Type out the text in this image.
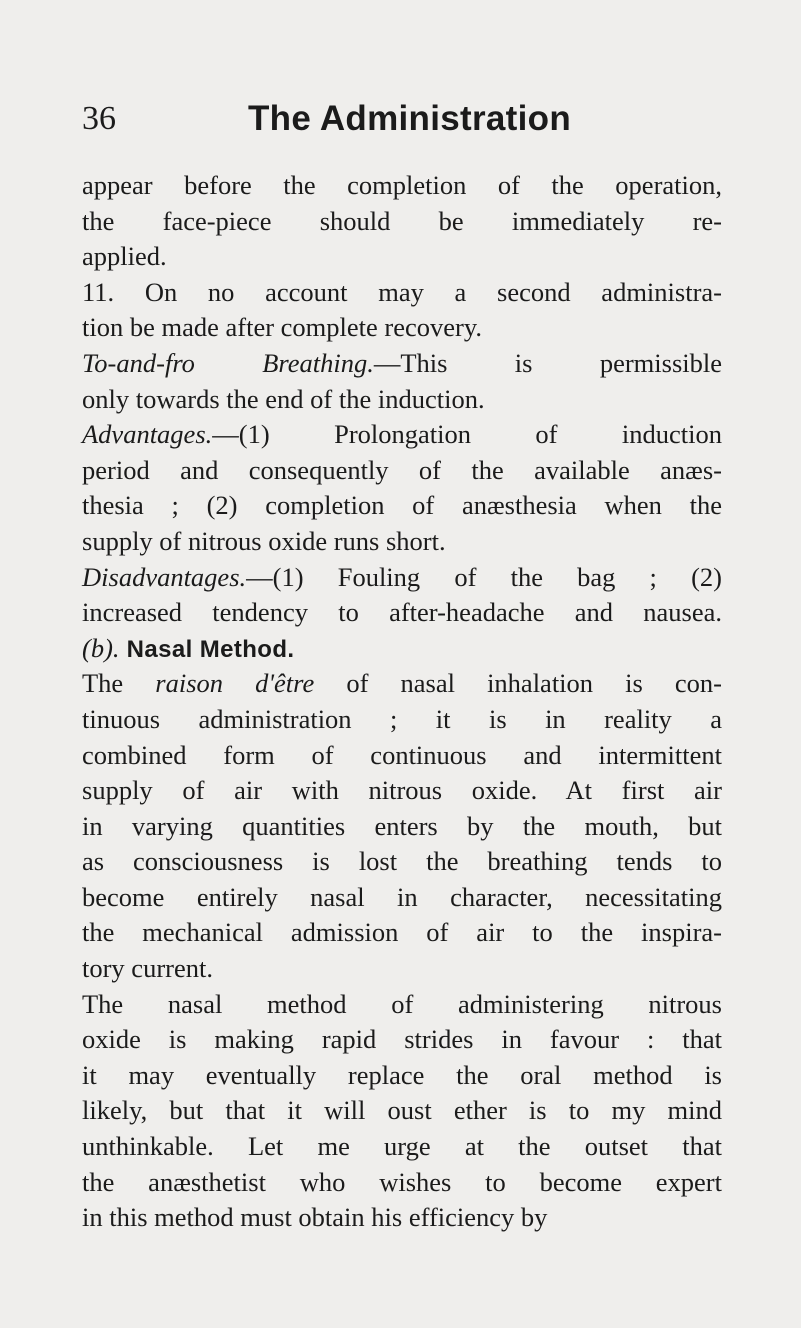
36	The Administration
appear before the completion of the operation,
the face-piece should be immediately re-
applied.
11. On no account may a second administra-
tion be made after complete recovery.
To-and-fro Breathing.—This is permissible
only towards the end of the induction.
Advantages.—(1) Prolongation of induction
period and consequently of the available anæs-
thesia ; (2) completion of anæsthesia when the
supply of nitrous oxide runs short.
Disadvantages.—(1) Fouling of the bag ; (2)
increased tendency to after-headache and nausea.
(b). Nasal Method.
The raison d'être of nasal inhalation is con-
tinuous administration ; it is in reality a
combined form of continuous and intermittent
supply of air with nitrous oxide. At first air
in varying quantities enters by the mouth, but
as consciousness is lost the breathing tends to
become entirely nasal in character, necessitating
the mechanical admission of air to the inspira-
tory current.
The nasal method of administering nitrous
oxide is making rapid strides in favour : that
it may eventually replace the oral method is
likely, but that it will oust ether is to my mind
unthinkable. Let me urge at the outset that
the anæsthetist who wishes to become expert
in this method must obtain his efficiency by
